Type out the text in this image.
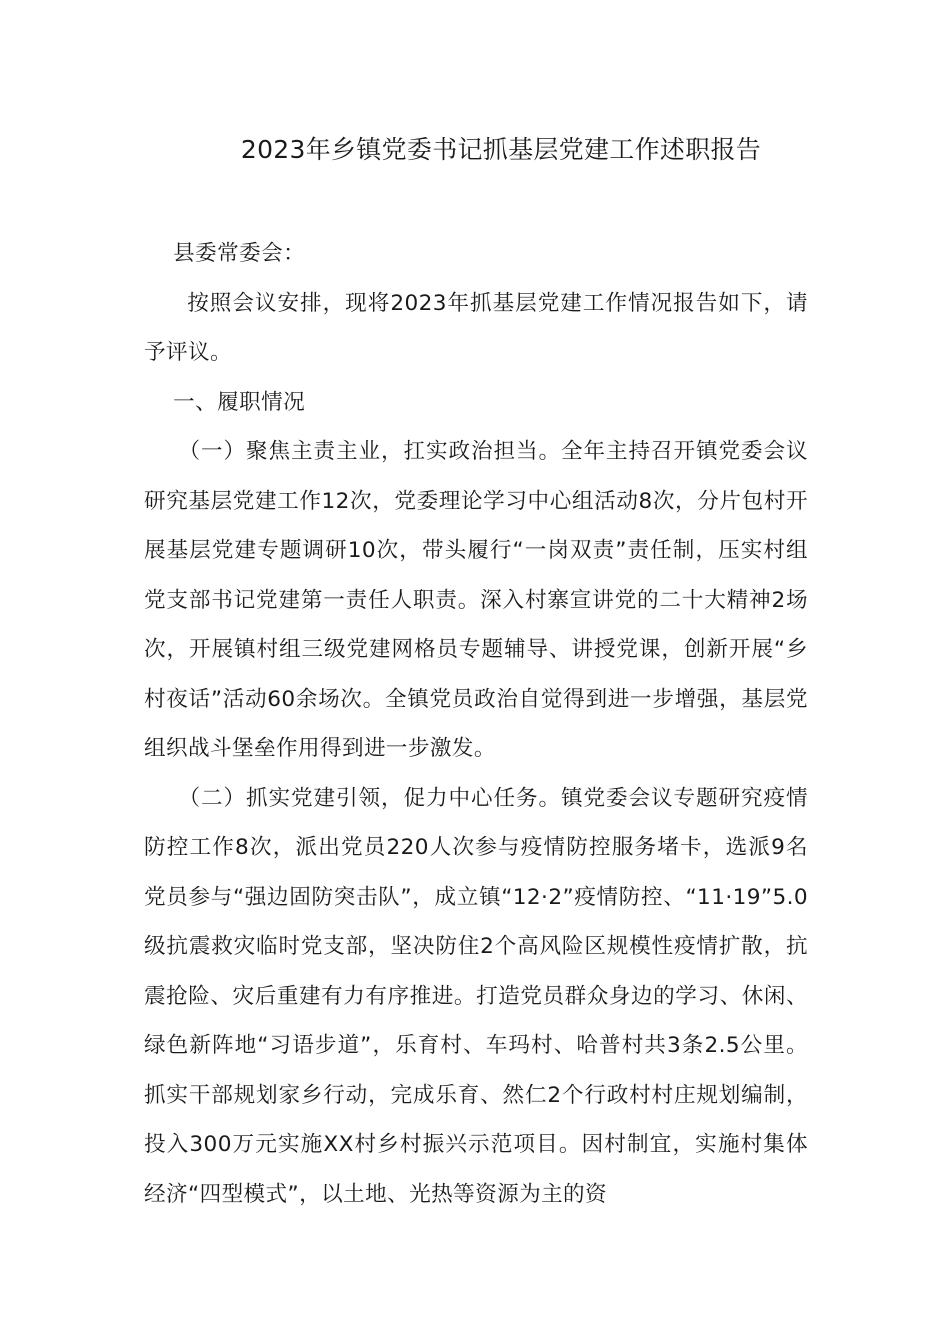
2023年乡镇党委书记抓基层党建工作述职报告

县委常委会：

按照会议安排，现将2023年抓基层党建工作情况报告如下，请予评议。

一、履职情况

（一）聚焦主责主业，扛实政治担当。全年主持召开镇党委会议研究基层党建工作12次，党委理论学习中心组活动8次，分片包村开展基层党建专题调研10次，带头履行“一岗双责”责任制，压实村组党支部书记党建第一责任人职责。深入村寨宣讲党的二十大精神2场次，开展镇村组三级党建网格员专题辅导、讲授党课，创新开展“乡村夜话”活动60余场次。全镇党员政治自觉得到进一步增强，基层党组织战斗堡垒作用得到进一步激发。

（二）抓实党建引领，促力中心任务。镇党委会议专题研究疫情防控工作8次，派出党员220人次参与疫情防控服务堵卡，选派9名党员参与“强边固防突击队”，成立镇“12·2”疫情防控、“11·19”5.0级抗震救灾临时党支部，坚决防住2个高风险区规模性疫情扩散，抗震抢险、灾后重建有力有序推进。打造党员群众身边的学习、休闲、绿色新阵地“习语步道”，乐育村、车玛村、哈普村共3条2.5公里。抓实干部规划家乡行动，完成乐育、然仁2个行政村村庄规划编制，投入300万元实施XX村乡村振兴示范项目。因村制宜，实施村集体经济“四型模式”，以土地、光热等资源为主的资
